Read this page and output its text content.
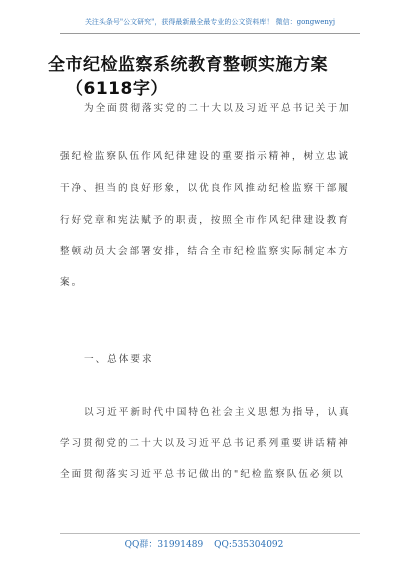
关注头条号"公文研究"，获得最新最全最专业的公文资料库！ 微信：gongwenyj
全市纪检监察系统教育整顿实施方案
（6118字）
为全面贯彻落实党的二十大以及习近平总书记关于加
强纪检监察队伍作风纪律建设的重要指示精神，树立忠诚
干净、担当的良好形象，以优良作风推动纪检监察干部履
行好党章和宪法赋予的职责，按照全市作风纪律建设教育
整顿动员大会部署安排，结合全市纪检监察实际制定本方
案。
一、总体要求
以习近平新时代中国特色社会主义思想为指导，认真
学习贯彻党的二十大以及习近平总书记系列重要讲话精神
全面贯彻落实习近平总书记做出的"纪检监察队伍必须以
QQ群：31991489 QQ:535304092
